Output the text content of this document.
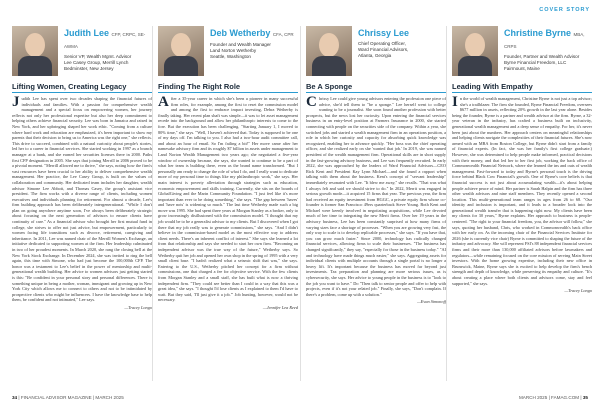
COVER STORY
Judith Lee CFP, CRPC, SE-AWMA
Senior VP, Wealth Mgmt. Advisor
Lee Casey Group, Merrill Lynch
Bedminster, New Jersey
Lifting Women, Creating Legacy
Judith Lee has spent over two decades shaping the financial futures of individuals and families. With a passion for comprehensive wealth management and a special focus on empowering women, her journey reflects not only her professional expertise but also her deep commitment to helping others achieve financial security. Lee was born in Jamaica and raised in New York, and her upbringing shaped her work ethic. "Coming from a culture where hard work and education are emphasized, it's been important to show my parents that their decision to bring us to America was the right one," she reflects. This drive to succeed, combined with a natural curiosity about people's stories, led her to a career in financial services. She started working in 1997 as a branch manager at a bank, and she earned her securities licenses there in 2000. Paths first CFP designation in 2005. She says that joining Merrill in 2006 proved to be a pivotal moment. "Merrill allowed me to thrive," she says, noting how the firm's vast resources have been crucial to her ability to deliver comprehensive wealth management. Her practice, the Lee Casey Group, is built on the values of collaboration and community. Her dedicated team includes her daughter, wealth advisor Simone Lee Abbott, and Thomas Casey, the group's assistant vice president. The firm works with a diverse range of clients, including women executives and individuals planning for retirement. For almost a decade, Lee's firm building approach has been deliberately intergenerational. "While I don't plan on going anywhere anytime soon, I've always been deliberately strategic about focusing on the next generation of advisors to ensure clients have continuity of care." As a financial advisor who brought her first mutual fund in college, she strives to offer not just advice, but empowerment, particularly to women facing life transitions such as divorce, retirement, caregiving and inheritance. In 2011, Lee was named chair of the Merrill Women's Exchange, an initiative dedicated to supporting women at the firm. Her leadership culminated in two of her proudest moments. In March 2020, she rang the closing bell at the New York Stock Exchange. In December 2024, she was invited to ring the bell again, this time with Simone, who had just become the 100,000th CFP. The honor was a testament to Lee's belief in the power of mentorship and multi-generational wealth building. Her advice to women advisors just getting started is this: "Be confident in your personal story and personal differences. There is something unique in being a mother, woman, immigrant and growing up in New York City which allows me to connect to others and not to be intimidated by prospective clients who might be influencers. I have the knowledge base to help them, be confident and not intimated," Lee says.
—Tracey Longo
Deb Wetherby CFA, CPR
Founder and Wealth Manager
Land Norton Wetherby
Seattle, Washington
Finding The Right Role
After a 35-year career in which she's been a pioneer in many successful firm roles, for example, among the first to reset the commission model and among the first to embrace impact investing, Debra Wetherby is finally taking. Her recent plan shaft was simple—it was to let asset management recede into the background and allow her philanthropic interests to come to the fore. But the execution has been challenging. "Starting January 1, I moved to 80% time," she says. "Well, I haven't achieved that. Today is supposed to be one of my days off. I'm talking to you. I also had a two-hour audit committee call, and about an hour of email. So I'm failing a bit!" Her move came after her namesake advisory firm and its roughly $7 billion in assets under management to Land Norton Wealth Management two years ago; she negotiated a five-year window of ownership because, she says, she wanted to continue to be a part of what her team is building there, even as the brand name transformed. "But I personally am ready to change the role of what I do, and I really want to dedicate more of my personal time to things like my philanthropic work," she says. Her main interest is poverty alleviation through strategies such as education, economic empowerment and skills training. Currently, she sits on the boards of GlobalGiving and the Marin Community Foundation. "I just feel like it's more important than ever to be doing something," she says. "The gap between 'haves' and 'have nots' is widening so much." The last time Wetherby made such a big move was 1995. She had spent three years at Morgan Stanley as a broker, only to grow increasingly disillusioned with the commission model. "I thought that my job would be to be a generalist advisor to my clients. But I discovered when I got there that my job really was to generate commissions," she says. "And I didn't believe in the commission-based model as the most effective way to address client needs. There's an inherent conflict of interest." She says she learned a lot from that relationship and says she needed to start her own firm. "Becoming an independent advisor was the true way of the future," Wetherby says. So Wetherby quit her job and opened her own shop in the spring of 1995 with a very small client base. "I hadn't realized what a seismic shift that was," she says. Entering to the U.S., Wetherby pitched her concept for a firm without commissions, one that charged a fee for objective service. With the few clients from Morgan Stanley and a small staff, she has built what is now a thriving independent firm. "They could see better than I could in a way that this was a great idea," she says. "I thought I'd lose clients as I explained to them I'd have to wait. But they said, 'I'll just give it a job.'" Job hunting, however, would not be necessary.
—Jennifer Lea Reed
Chrissy Lee
Chief Operating Officer,
Ward Financial Advisors,
Atlanta, Georgia
Be A Sponge
Chrissy Lee could give young advisors entering the profession one piece of advice, she'd tell them to "be a sponge." Lee herself went to college wanting to be a journalist. She soon found another profession with better prospects, but the news lost her curiosity. Upon entering the financial services business in an entry-level position at Farmers Insurance in 2000, she started connecting with people on the securities side of the company. Within a year, she switched jobs and started a wealth management firm in an operations position, a role in which her curiosity and capacity for absorbing quick knowledge was recognized, enabling her to advance quickly. "Her boss was the chief operating officer, and she realized early on she 'wanted that job.' In 2019, she was named president of the wealth management firm. Operational skills are in short supply in the fast-growing advisory business, and Lee was frequently recruited. In early 2022, she was approached by the leaders of Ward Financial Advisors—CEO Rick Kent and President Kay Lynn Michael—and she found a rapport when talking with them about the business. Kent's concept of "servant leadership" immediately resonated with Lee. "It blew me away," she recalls. "That was what I always felt and said we should strive to do." In 2022, Merrit was engaged in serious growth mode—it acquired 15 firms that year. The previous year, the firm had received an equity investment from HGGC, a private equity firm whose co-founder is former San Francisco 49ers quarterback Steve Young. Both Kent and Michael were keenly involved in negotiating acquisitions, while Lee devoted much of her time to integrating the new Merit firms. Over her 19 years in the advisory business, Lee has been constantly surprised at how many firms of varying sizes face a shortage of processes. "When you are growing very fast, the only way to scale is to develop replicable processes," she says. "If you have that, you can grow much faster." Since 2000, technology has radically changed financial services, allowing firms to scale their businesses. "The business has changed significantly," they say, "especially for those in the business today." "AI and technology have made things much easier," she says. Aggregating assets for individual clients with multiple accounts through a single portal is no longer a heavy lift. It's important because the business has moved far beyond just investments. Tax preparation and planning are more serious issues, as is cybersecurity, she says. Her advice to young people in the business is to "look to the job you want to have." Do "Then talk to senior people and offer to help with projects, even if it's not your related job." Finally, she says, "Don't complain. If there's a problem, come up with a solution."
—Evan Simonoff
Christine Byrne MBA, CRPS
Founder, Partner and Wealth Advisor
Byrne Financial Freedom, LLC
Fairmount, Maine
Leading With Empathy
In the world of wealth management, Christine Byrne is not just a top advisor; she's a trailblazer. The firm she founded, Byrne Financial Freedom, oversees $677 million in assets, reflecting 20% growth in the last year alone. Besides being the founder, Byrne is a partner and wealth advisor at the firm. Byrne, a 32-year veteran in the industry, has crafted a business built on inclusivity, generational wealth management and a deep sense of empathy. For her, it's never been just about the numbers. Her approach centers on meaningful relationships and helping clients navigate the complexities of their financial futures. She's now armed with an MBA from Boston College, but Byrne didn't start from a family of financial experts. (In fact, she was her family's first college graduate.) However, she was determined to help people make informed, practical decisions with their money, and that led her to her first job, working the back office of Commonwealth Financial Network, where she learned the ins and outs of wealth management. Fast-forward to today and Byrne's personal touch is the driving force behind Black Cow Financial's growth. One of Byrne's core beliefs is that financial success is not just about accumulating wealth—it's about helping people achieve peace of mind. Her partner is Sarah Halpin and the firm has three other wealth advisors and nine staff members. They recently opened a second location. This multi-generational team ranges in ages from 26 to 68. "Our identity and inclusion is important, and it leads to a broader look into the generational wealth transfer that is happening right now. My clients have been my clients for 30 years," Byrne explains. Her approach to business is people-centered. "The right to your financial freedom, you, the advisor will follow," she says, quoting her husband, Chris, who worked in Commonwealth's back office with her early on. As the incoming chair of the Financial Services Institute for 2026 (she is currently vice chair) Byrne is committed to shaping the future of the industry and advocacy. She will represent FSI's 88 independent financial services firms and their more than 130,000 affiliated advisors before lawmakers and regulators—while remaining focused on the core mission of serving Main Street investors. With the home growing expertise, including their new office in Brunswick, Maine, Byrne says she is excited to help develop the firm's bench strength and depth of knowledge, while preserving its empathy and culture. "It's about creating a place where both clients and advisors come, stay and feel supported," she says.
—Tracey Longo
34 | FINANCIAL ADVISOR MAGAZINE | MARCH 2025	MARCH 2025 | FAMAG.COM | 35
